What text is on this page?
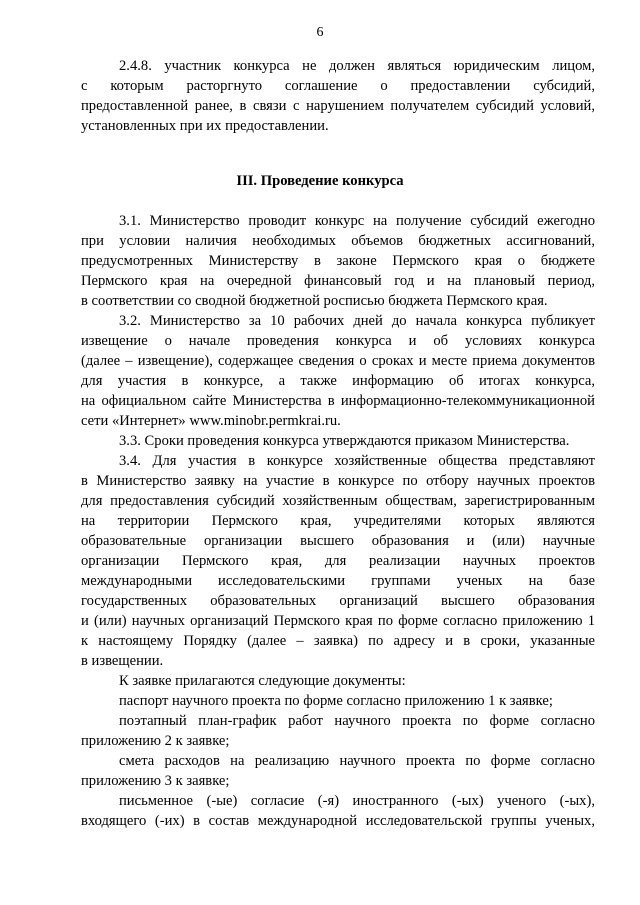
6
2.4.8. участник конкурса не должен являться юридическим лицом,
с которым расторгнуто соглашение о предоставлении субсидий,
предоставленной ранее, в связи с нарушением получателем субсидий условий,
установленных при их предоставлении.
III. Проведение конкурса
3.1. Министерство проводит конкурс на получение субсидий ежегодно
при условии наличия необходимых объемов бюджетных ассигнований,
предусмотренных Министерству в законе Пермского края о бюджете
Пермского края на очередной финансовый год и на плановый период,
в соответствии со сводной бюджетной росписью бюджета Пермского края.
3.2. Министерство за 10 рабочих дней до начала конкурса публикует
извещение о начале проведения конкурса и об условиях конкурса
(далее – извещение), содержащее сведения о сроках и месте приема документов
для участия в конкурсе, а также информацию об итогах конкурса,
на официальном сайте Министерства в информационно-телекоммуникационной
сети «Интернет» www.minobr.permkrai.ru.
3.3. Сроки проведения конкурса утверждаются приказом Министерства.
3.4. Для участия в конкурсе хозяйственные общества представляют
в Министерство заявку на участие в конкурсе по отбору научных проектов
для предоставления субсидий хозяйственным обществам, зарегистрированным
на территории Пермского края, учредителями которых являются
образовательные организации высшего образования и (или) научные
организации Пермского края, для реализации научных проектов
международными исследовательскими группами ученых на базе
государственных образовательных организаций высшего образования
и (или) научных организаций Пермского края по форме согласно приложению 1
к настоящему Порядку (далее – заявка) по адресу и в сроки, указанные
в извещении.
К заявке прилагаются следующие документы:
паспорт научного проекта по форме согласно приложению 1 к заявке;
поэтапный план-график работ научного проекта по форме согласно
приложению 2 к заявке;
смета расходов на реализацию научного проекта по форме согласно
приложению 3 к заявке;
письменное (-ые) согласие (-я) иностранного (-ых) ученого (-ых),
входящего (-их) в состав международной исследовательской группы ученых,
